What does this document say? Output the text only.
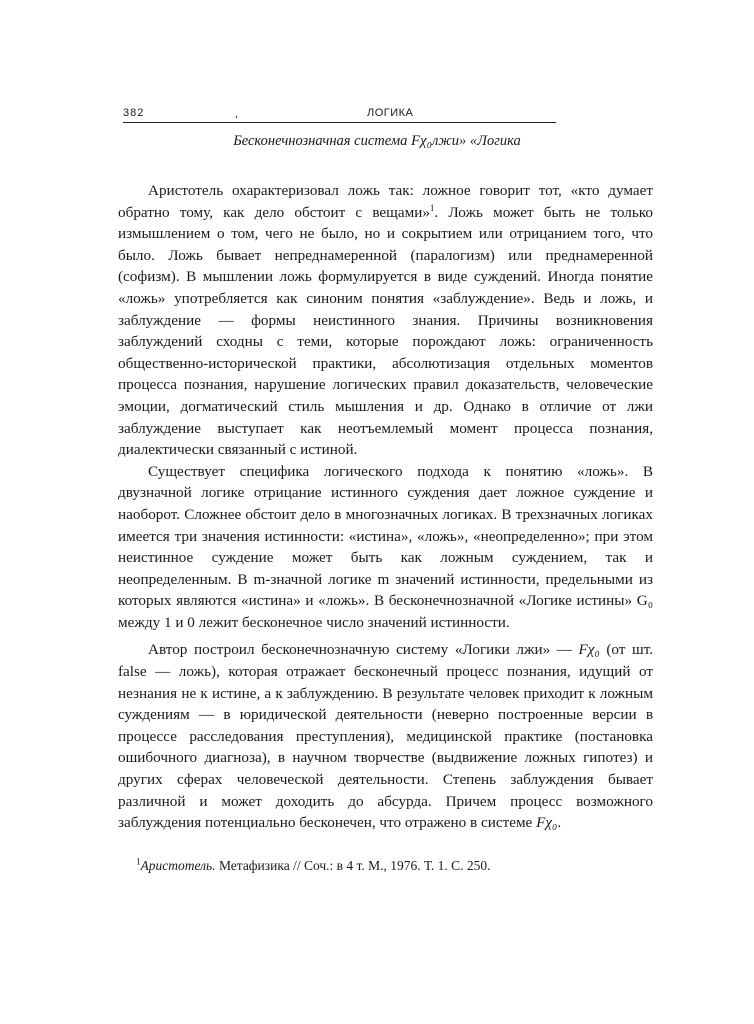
382	,	ЛОГИКА
Бесконечнозначная система Fχ₀лжи» «Логика

Аристотель охарактеризовал ложь так: ложное говорит тот, «кто думает обратно тому, как дело обстоит с вещами»$^1$. Ложь может быть не только измышлением о том, чего не было, но и сокрытием или отрицанием того, что было. Ложь бывает непреднамеренной (паралогизм) или преднамеренной (софизм). В мышлении ложь формулируется в виде суждений. Иногда понятие «ложь» употребляется как синоним понятия «заблуждение». Ведь и ложь, и заблуждение — формы неистинного знания. Причины возникновения заблуждений сходны с теми, которые порождают ложь: ограниченность общественно-исторической практики, абсолютизация отдельных моментов процесса познания, нарушение логических правил доказательств, человеческие эмоции, догматический стиль мышления и др. Однако в отличие от лжи заблуждение выступает как неотъемлемый момент процесса познания, диалектически связанный с истиной.

Существует специфика логического подхода к понятию «ложь». В двузначной логике отрицание истинного суждения дает ложное суждение и наоборот. Сложнее обстоит дело в многозначных логиках. В трехзначных логиках имеется три значения истинности: «истина», «ложь», «неопределенно»; при этом неистинное суждение может быть как ложным суждением, так и неопределенным. В m-значной логике m значений истинности, предельными из которых являются «истина» и «ложь». В бесконечнозначной «Логике истины» G₀ между 1 и 0 лежит бесконечное число значений истинности.

Автор построил бесконечнозначную систему «Логики лжи» — Fχ₀ (от шт. false — ложь), которая отражает бесконечный процесс познания, идущий от незнания не к истине, а к заблуждению. В результате человек приходит к ложным суждениям — в юридической деятельности (неверно построенные версии в процессе расследования преступления), медицинской практике (постановка ошибочного диагноза), в научном творчестве (выдвижение ложных гипотез) и других сферах человеческой деятельности. Степень заблуждения бывает различной и может доходить до абсурда. Причем процесс возможного заблуждения потенциально бесконечен, что отражено в системе Fχ₀.

$^1$Аристотель. Метафизика // Соч.: в 4 т. М., 1976. Т. 1. С. 250.
